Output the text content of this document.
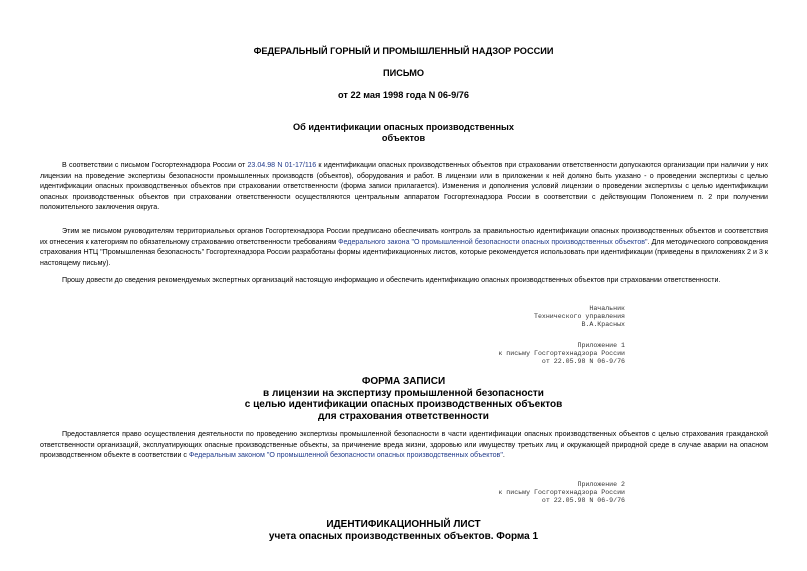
ФЕДЕРАЛЬНЫЙ ГОРНЫЙ И ПРОМЫШЛЕННЫЙ НАДЗОР РОССИИ
ПИСЬМО
от 22 мая 1998 года N 06-9/76
Об идентификации опасных производственных
объектов

В соответствии с письмом Госгортехнадзора России от 23.04.98 N 01-17/116 к идентификации опасных производственных объектов при страховании ответственности допускаются организации при наличии у них лицензии на проведение экспертизы безопасности промышленных производств (объектов), оборудования и работ. В лицензии или в приложении к ней должно быть указано - о проведении экспертизы с целью идентификации опасных производственных объектов при страховании ответственности (форма записи прилагается). Изменения и дополнения условий лицензии о проведении экспертизы с целью идентификации опасных производственных объектов при страховании ответственности осуществляются центральным аппаратом Госгортехнадзора России в соответствии с действующим Положением п. 2 при получении положительного заключения округа.

Этим же письмом руководителям территориальных органов Госгортехнадзора России предписано обеспечивать контроль за правильностью идентификации опасных производственных объектов и соответствия их отнесения к категориям по обязательному страхованию ответственности требованиям Федерального закона "О промышленной безопасности опасных производственных объектов". Для методического сопровождения страхования НТЦ "Промышленная безопасность" Госгортехнадзора России разработаны формы идентификационных листов, которые рекомендуется использовать при идентификации (приведены в приложениях 2 и 3 к настоящему письму).

Прошу довести до сведения рекомендуемых экспертных организаций настоящую информацию и обеспечить идентификацию опасных производственных объектов при страховании ответственности.

Начальник
Технического управления
В.А.Красных
Приложение 1
к письму Госгортехнадзора России
от 22.05.98 N 06-9/76
ФОРМА ЗАПИСИ
в лицензии на экспертизу промышленной безопасности
с целью идентификации опасных производственных объектов
для страхования ответственности

Предоставляется право осуществления деятельности по проведению экспертизы промышленной безопасности в части идентификации опасных производственных объектов с целью страхования гражданской ответственности организаций, эксплуатирующих опасные производственные объекты, за причинение вреда жизни, здоровью или имуществу третьих лиц и окружающей природной среде в случае аварии на опасном производственном объекте в соответствии с Федеральным законом "О промышленной безопасности опасных производственных объектов".

Приложение 2
к письму Госгортехнадзора России
от 22.05.98 N 06-9/76
ИДЕНТИФИКАЦИОННЫЙ ЛИСТ
учета опасных производственных объектов. Форма 1
